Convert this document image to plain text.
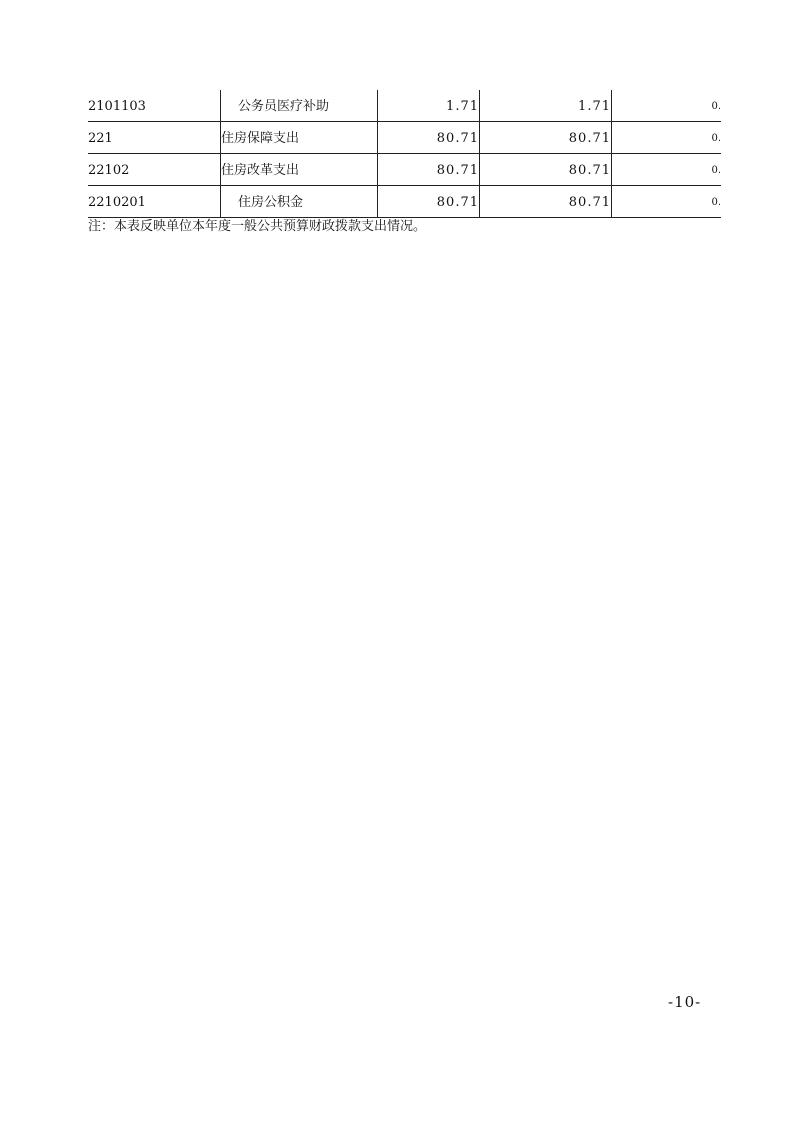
2101103	公务员医疗补助	1.71	1.71	0.
221	住房保障支出	80.71	80.71	0.
22102	住房改革支出	80.71	80.71	0.
2210201	住房公积金	80.71	80.71	0.
注：本表反映单位本年度一般公共预算财政拨款支出情况。
-10-
